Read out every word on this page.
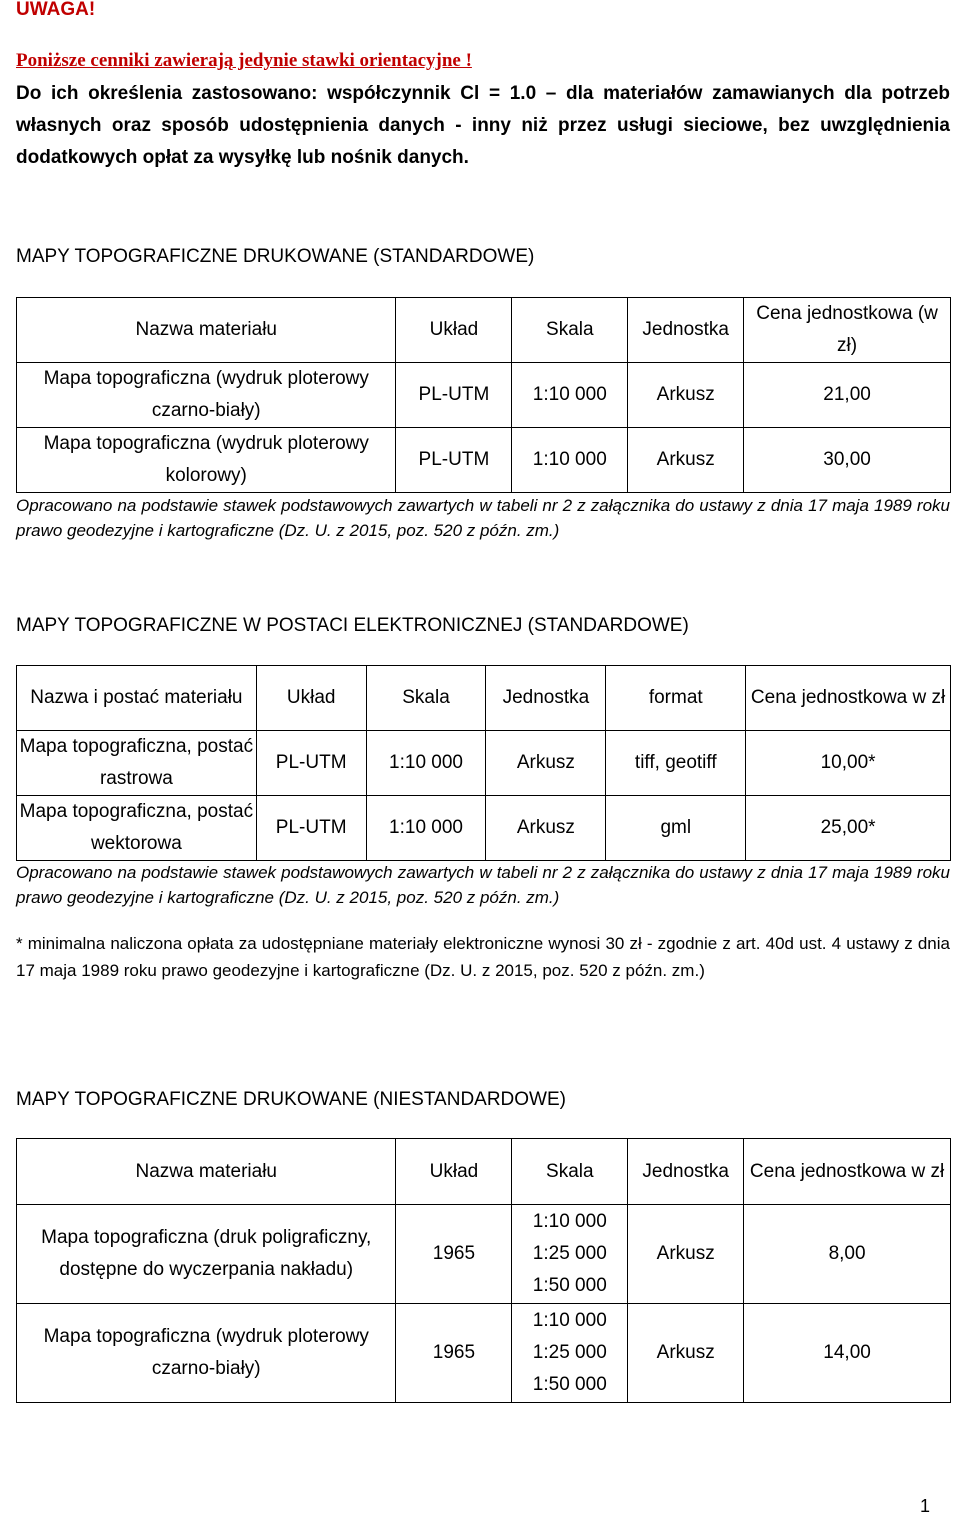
UWAGA!
Poniższe cenniki zawierają jedynie stawki orientacyjne !

Do ich określenia zastosowano: współczynnik Cl = 1.0 – dla materiałów zamawianych dla potrzeb własnych oraz sposób udostępnienia danych - inny niż przez usługi sieciowe, bez uwzględnienia dodatkowych opłat za wysyłkę lub nośnik danych.

MAPY TOPOGRAFICZNE DRUKOWANE (STANDARDOWE)
Nazwa materiału	Układ	Skala	Jednostka	Cena jednostkowa (w zł)
Mapa topograficzna (wydruk ploterowy czarno-biały)	PL-UTM	1:10 000	Arkusz	21,00
Mapa topograficzna (wydruk ploterowy kolorowy)	PL-UTM	1:10 000	Arkusz	30,00
Opracowano na podstawie stawek podstawowych zawartych w tabeli nr 2 z załącznika do ustawy z dnia 17 maja 1989 roku prawo geodezyjne i kartograficzne (Dz. U. z 2015, poz. 520 z późn. zm.)
MAPY TOPOGRAFICZNE W POSTACI ELEKTRONICZNEJ (STANDARDOWE)
Nazwa i postać materiału	Układ	Skala	Jednostka	format	Cena jednostkowa w zł
Mapa topograficzna, postać rastrowa	PL-UTM	1:10 000	Arkusz	tiff, geotiff	10,00*
Mapa topograficzna, postać wektorowa	PL-UTM	1:10 000	Arkusz	gml	25,00*
Opracowano na podstawie stawek podstawowych zawartych w tabeli nr 2 z załącznika do ustawy z dnia 17 maja 1989 roku prawo geodezyjne i kartograficzne (Dz. U. z 2015, poz. 520 z późn. zm.)
* minimalna naliczona opłata za udostępniane materiały elektroniczne wynosi 30 zł - zgodnie z art. 40d ust. 4 ustawy z dnia 17 maja 1989 roku prawo geodezyjne i kartograficzne (Dz. U. z 2015, poz. 520 z późn. zm.)
MAPY TOPOGRAFICZNE DRUKOWANE (NIESTANDARDOWE)
Nazwa materiału	Układ	Skala	Jednostka	Cena jednostkowa w zł
Mapa topograficzna (druk poligraficzny, dostępne do wyczerpania nakładu)	1965	1:10 000
1:25 000
1:50 000	Arkusz	8,00
Mapa topograficzna (wydruk ploterowy czarno-biały)	1965	1:10 000
1:25 000
1:50 000	Arkusz	14,00
1
